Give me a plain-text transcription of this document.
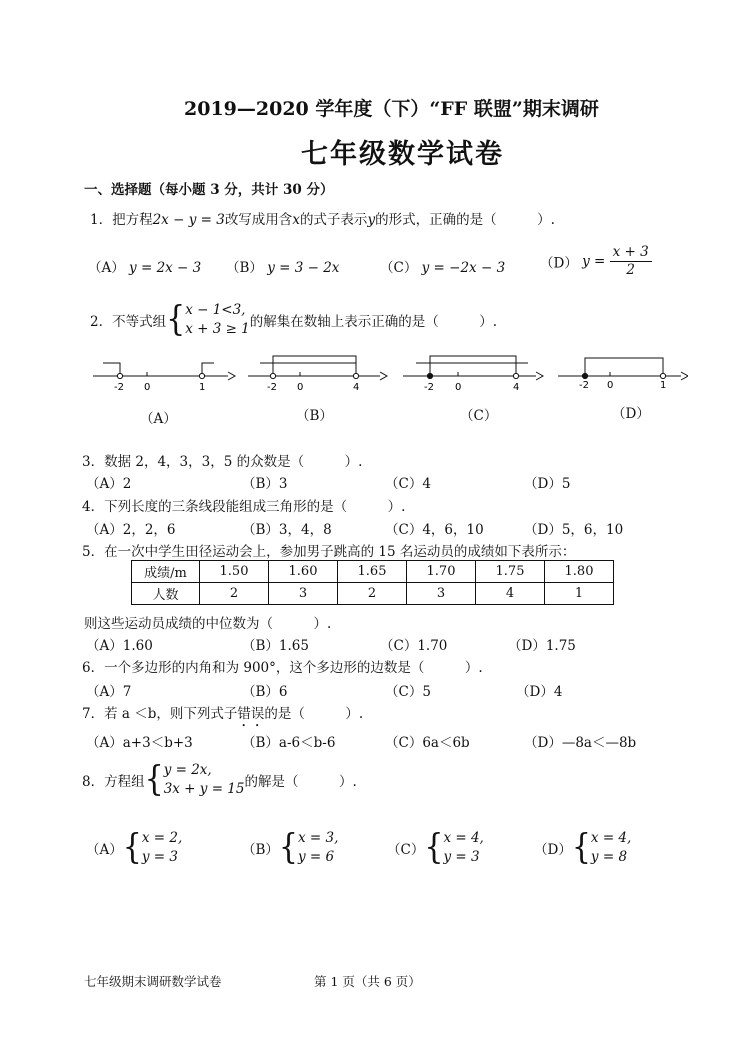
2019—2020 学年度（下）“FF 联盟”期末调研
七年级数学试卷
一、选择题（每小题 3 分，共计 30 分）
1．把方程2x − y = 3改写成用含x的式子表示y的形式，正确的是（　　　）.
（A） y = 2x − 3 （B） y = 3 − 2x	（C） y = −2x − 3	（D） $y = \frac{x + 3}{2}$
2．不等式组{x − 1<3,
x + 3 ≥ 1的解集在数轴上表示正确的是（　　　）.
-2 0	1	-2 0	4	-2 0	4	-2 0	1
（A）	（B）	（C）	（D）
3．数据 2，4，3，3，5 的众数是（　　　）.
（A）2	（B）3	（C）4	（D）5
4．下列长度的三条线段能组成三角形的是（　　　）.
（A）2，2，6	（B）3，4，8	（C）4，6，10	（D）5，6，10
5．在一次中学生田径运动会上，参加男子跳高的 15 名运动员的成绩如下表所示：
成绩/m	1.50	1.60	1.65	1.70	1.75	1.80
人数	2	3	2	3	4	1
则这些运动员成绩的中位数为（　　　）.
（A）1.60	（B）1.65	（C）1.70	（D）1.75
6．一个多边形的内角和为 900°，这个多边形的边数是（　　　）.
（A）7	（B）6	（C）5	（D）4
7．若 a ＜b，则下列式子错误的是（　　　）.
（A）a+3＜b+3	（B）a-6＜b-6	（C）6a＜6b	（D）—8a＜—8b
8．方程组{y = 2x,
3x + y = 15的解是（　　　）.
（A）{x = 2,
y = 3	（B）{x = 3,
y = 6	（C）{x = 4,
y = 3	（D）{x = 4,
y = 8
七年级期末调研数学试卷	第 1 页（共 6 页）
